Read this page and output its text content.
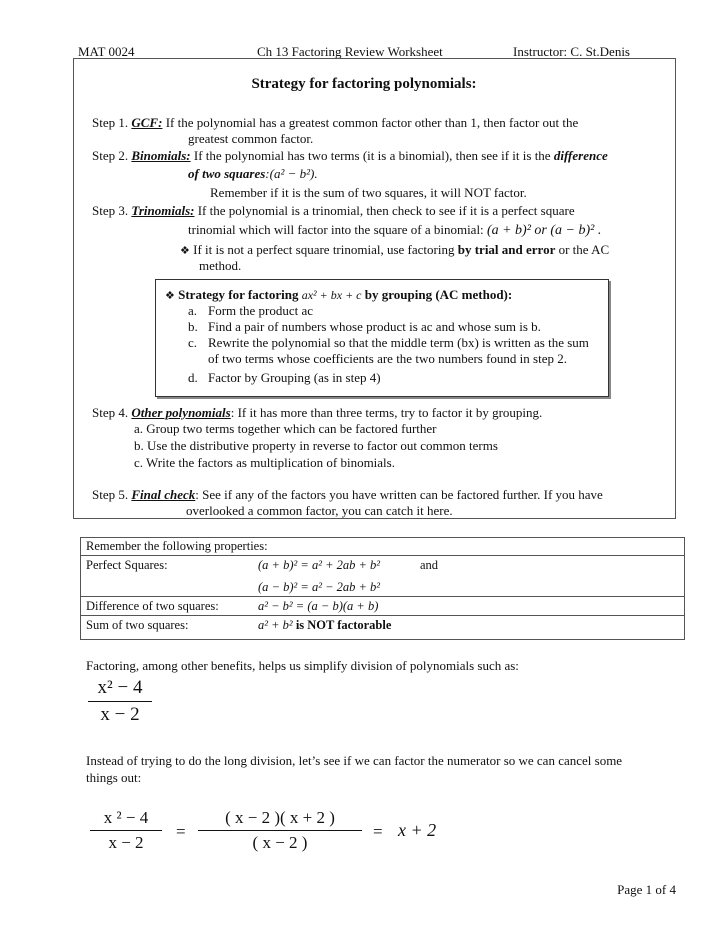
MAT 0024	Ch 13 Factoring Review Worksheet	Instructor: C. St.Denis
Strategy for factoring polynomials:
Step 1. GCF: If the polynomial has a greatest common factor other than 1, then factor out the
greatest common factor.
Step 2. Binomials: If the polynomial has two terms (it is a binomial), then see if it is the difference
of two squares:(a² − b²).
Remember if it is the sum of two squares, it will NOT factor.
Step 3. Trinomials: If the polynomial is a trinomial, then check to see if it is a perfect square
trinomial which will factor into the square of a binomial: (a + b)² or (a − b)² .
❖ If it is not a perfect square trinomial, use factoring by trial and error or the AC
method.
❖ Strategy for factoring ax² + bx + c by grouping (AC method):
a. Form the product ac
b. Find a pair of numbers whose product is ac and whose sum is b.
c. Rewrite the polynomial so that the middle term (bx) is written as the sum
of two terms whose coefficients are the two numbers found in step 2.
d. Factor by Grouping (as in step 4)
Step 4. Other polynomials: If it has more than three terms, try to factor it by grouping.
a. Group two terms together which can be factored further
b. Use the distributive property in reverse to factor out common terms
c. Write the factors as multiplication of binomials.
Step 5. Final check: See if any of the factors you have written can be factored further. If you have
overlooked a common factor, you can catch it here.
Remember the following properties:		
Perfect Squares:	(a + b)² = a² + 2ab + b²	and
	(a − b)² = a² − 2ab + b²	
Difference of two squares:	a² − b² = (a − b)(a + b)	
Sum of two squares:	a² + b² is NOT factorable	
Factoring, among other benefits, helps us simplify division of polynomials such as:
x² − 4
x − 2
Instead of trying to do the long division, let’s see if we can factor the numerator so we can cancel some
things out:
x ² − 4
x − 2
=
( x − 2 )( x + 2 )
( x − 2 )
= x + 2
Page 1 of 4
